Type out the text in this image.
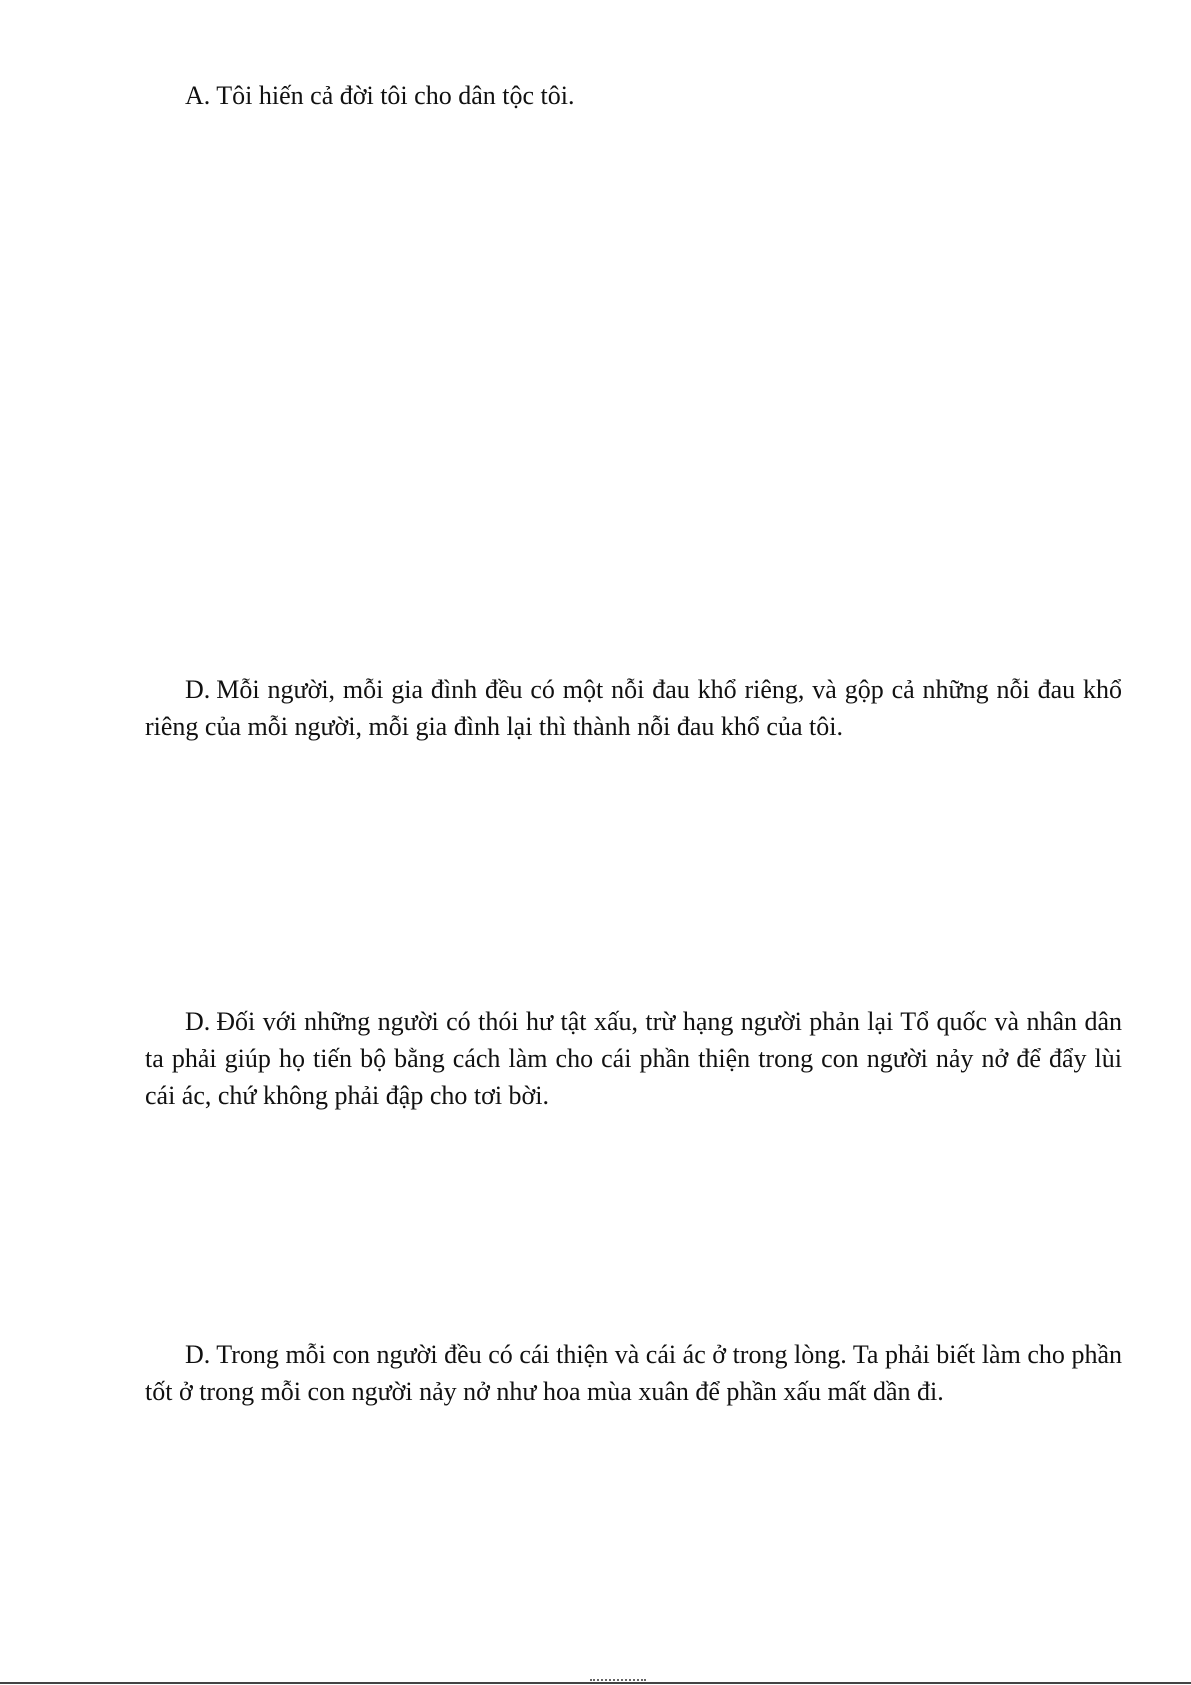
A. Tôi hiến cả đời tôi cho dân tộc tôi.

D. Mỗi người, mỗi gia đình đều có một nỗi đau khổ riêng, và gộp cả những nỗi đau khổ riêng của mỗi người, mỗi gia đình lại thì thành nỗi đau khổ của tôi.

D. Đối với những người có thói hư tật xấu, trừ hạng người phản lại Tổ quốc và nhân dân ta phải giúp họ tiến bộ bằng cách làm cho cái phần thiện trong con người nảy nở để đẩy lùi cái ác, chứ không phải đập cho tơi bời.

D. Trong mỗi con người đều có cái thiện và cái ác ở trong lòng. Ta phải biết làm cho phần tốt ở trong mỗi con người nảy nở như hoa mùa xuân để phần xấu mất dần đi.
